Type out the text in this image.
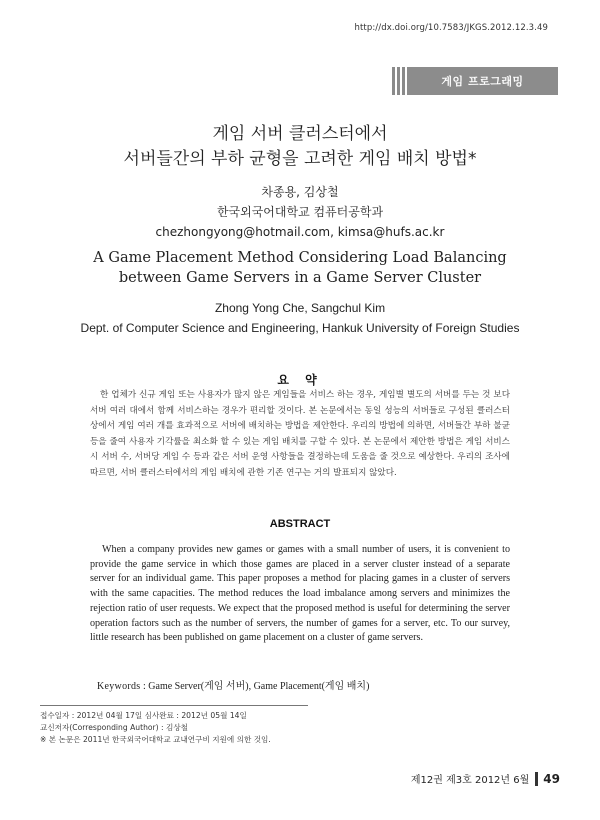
http://dx.doi.org/10.7583/JKGS.2012.12.3.49
게임 프로그래밍
게임 서버 클러스터에서
서버들간의 부하 균형을 고려한 게임 배치 방법*
차종용, 김상철
한국외국어대학교 컴퓨터공학과
chezhongyong@hotmail.com, kimsa@hufs.ac.kr
A Game Placement Method Considering Load Balancing between Game Servers in a Game Server Cluster
Zhong Yong Che, Sangchul Kim
Dept. of Computer Science and Engineering, Hankuk University of Foreign Studies
요 약
한 업체가 신규 게임 또는 사용자가 많지 않은 게임들을 서비스 하는 경우, 게임별 별도의 서버를 두는 것 보다 서버 여러 대에서 함께 서비스하는 경우가 편리할 것이다. 본 논문에서는 동일 성능의 서버들로 구성된 클러스터 상에서 게임 여러 개를 효과적으로 서버에 배치하는 방법을 제안한다. 우리의 방법에 의하면, 서버들간 부하 불균등을 줄여 사용자 기각률을 최소화 할 수 있는 게임 배치를 구할 수 있다. 본 논문에서 제안한 방법은 게임 서비스 시 서버 수, 서버당 게임 수 등과 같은 서버 운영 사항들을 결정하는데 도움을 줄 것으로 예상한다. 우리의 조사에 따르면, 서버 클러스터에서의 게임 배치에 관한 기존 연구는 거의 발표되지 않았다.
ABSTRACT
When a company provides new games or games with a small number of users, it is convenient to provide the game service in which those games are placed in a server cluster instead of a separate server for an individual game. This paper proposes a method for placing games in a cluster of servers with the same capacities. The method reduces the load imbalance among servers and minimizes the rejection ratio of user requests. We expect that the proposed method is useful for determining the server operation factors such as the number of servers, the number of games for a server, etc. To our survey, little research has been published on game placement on a cluster of game servers.
Keywords : Game Server(게임 서버), Game Placement(게임 배치)
접수일자 : 2012년 04월 17일 심사완료 : 2012년 05월 14일
교신저자(Corresponding Author) : 김상철
※ 본 논문은 2011년 한국외국어대학교 교내연구비 지원에 의한 것임.
제12권 제3호 2012년 6월 49
